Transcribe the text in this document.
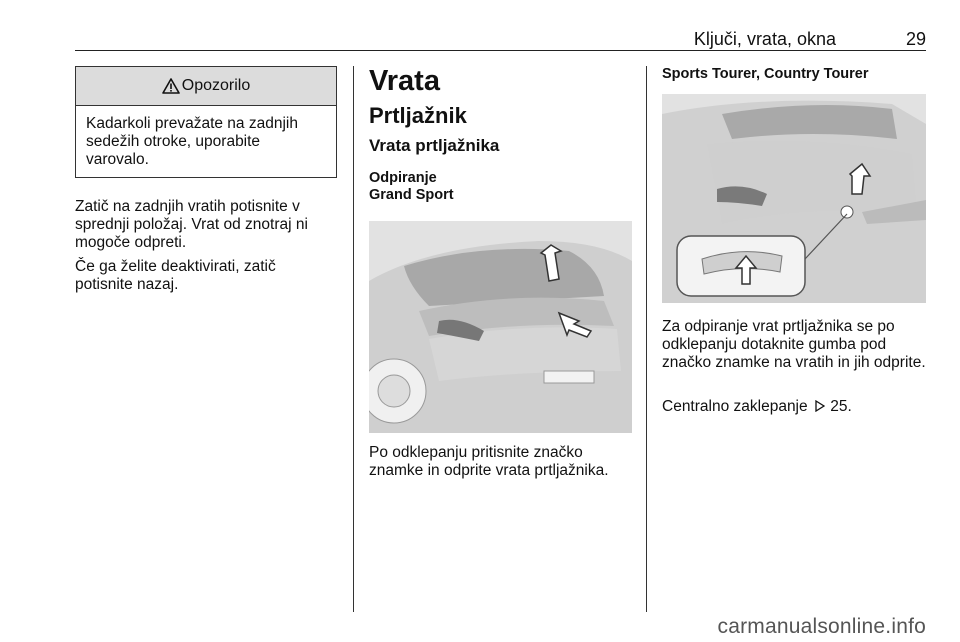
Ključi, vrata, okna	29
Opozorilo
Kadarkoli prevažate na zadnjih sedežih otroke, uporabite varovalo.

Zatič na zadnjih vratih potisnite v sprednji položaj. Vrat od znotraj ni mogoče odpreti.

Če ga želite deaktivirati, zatič potisnite nazaj.

Vrata
Prtljažnik
Vrata prtljažnika
Odpiranje
Grand Sport

Po odklepanju pritisnite značko znamke in odprite vrata prtljažnika.

Sports Tourer, Country Tourer

Za odpiranje vrat prtljažnika se po odklepanju dotaknite gumba pod značko znamke na vratih in jih odprite.

Centralno zaklepanje 25.

carmanualsonline.info
